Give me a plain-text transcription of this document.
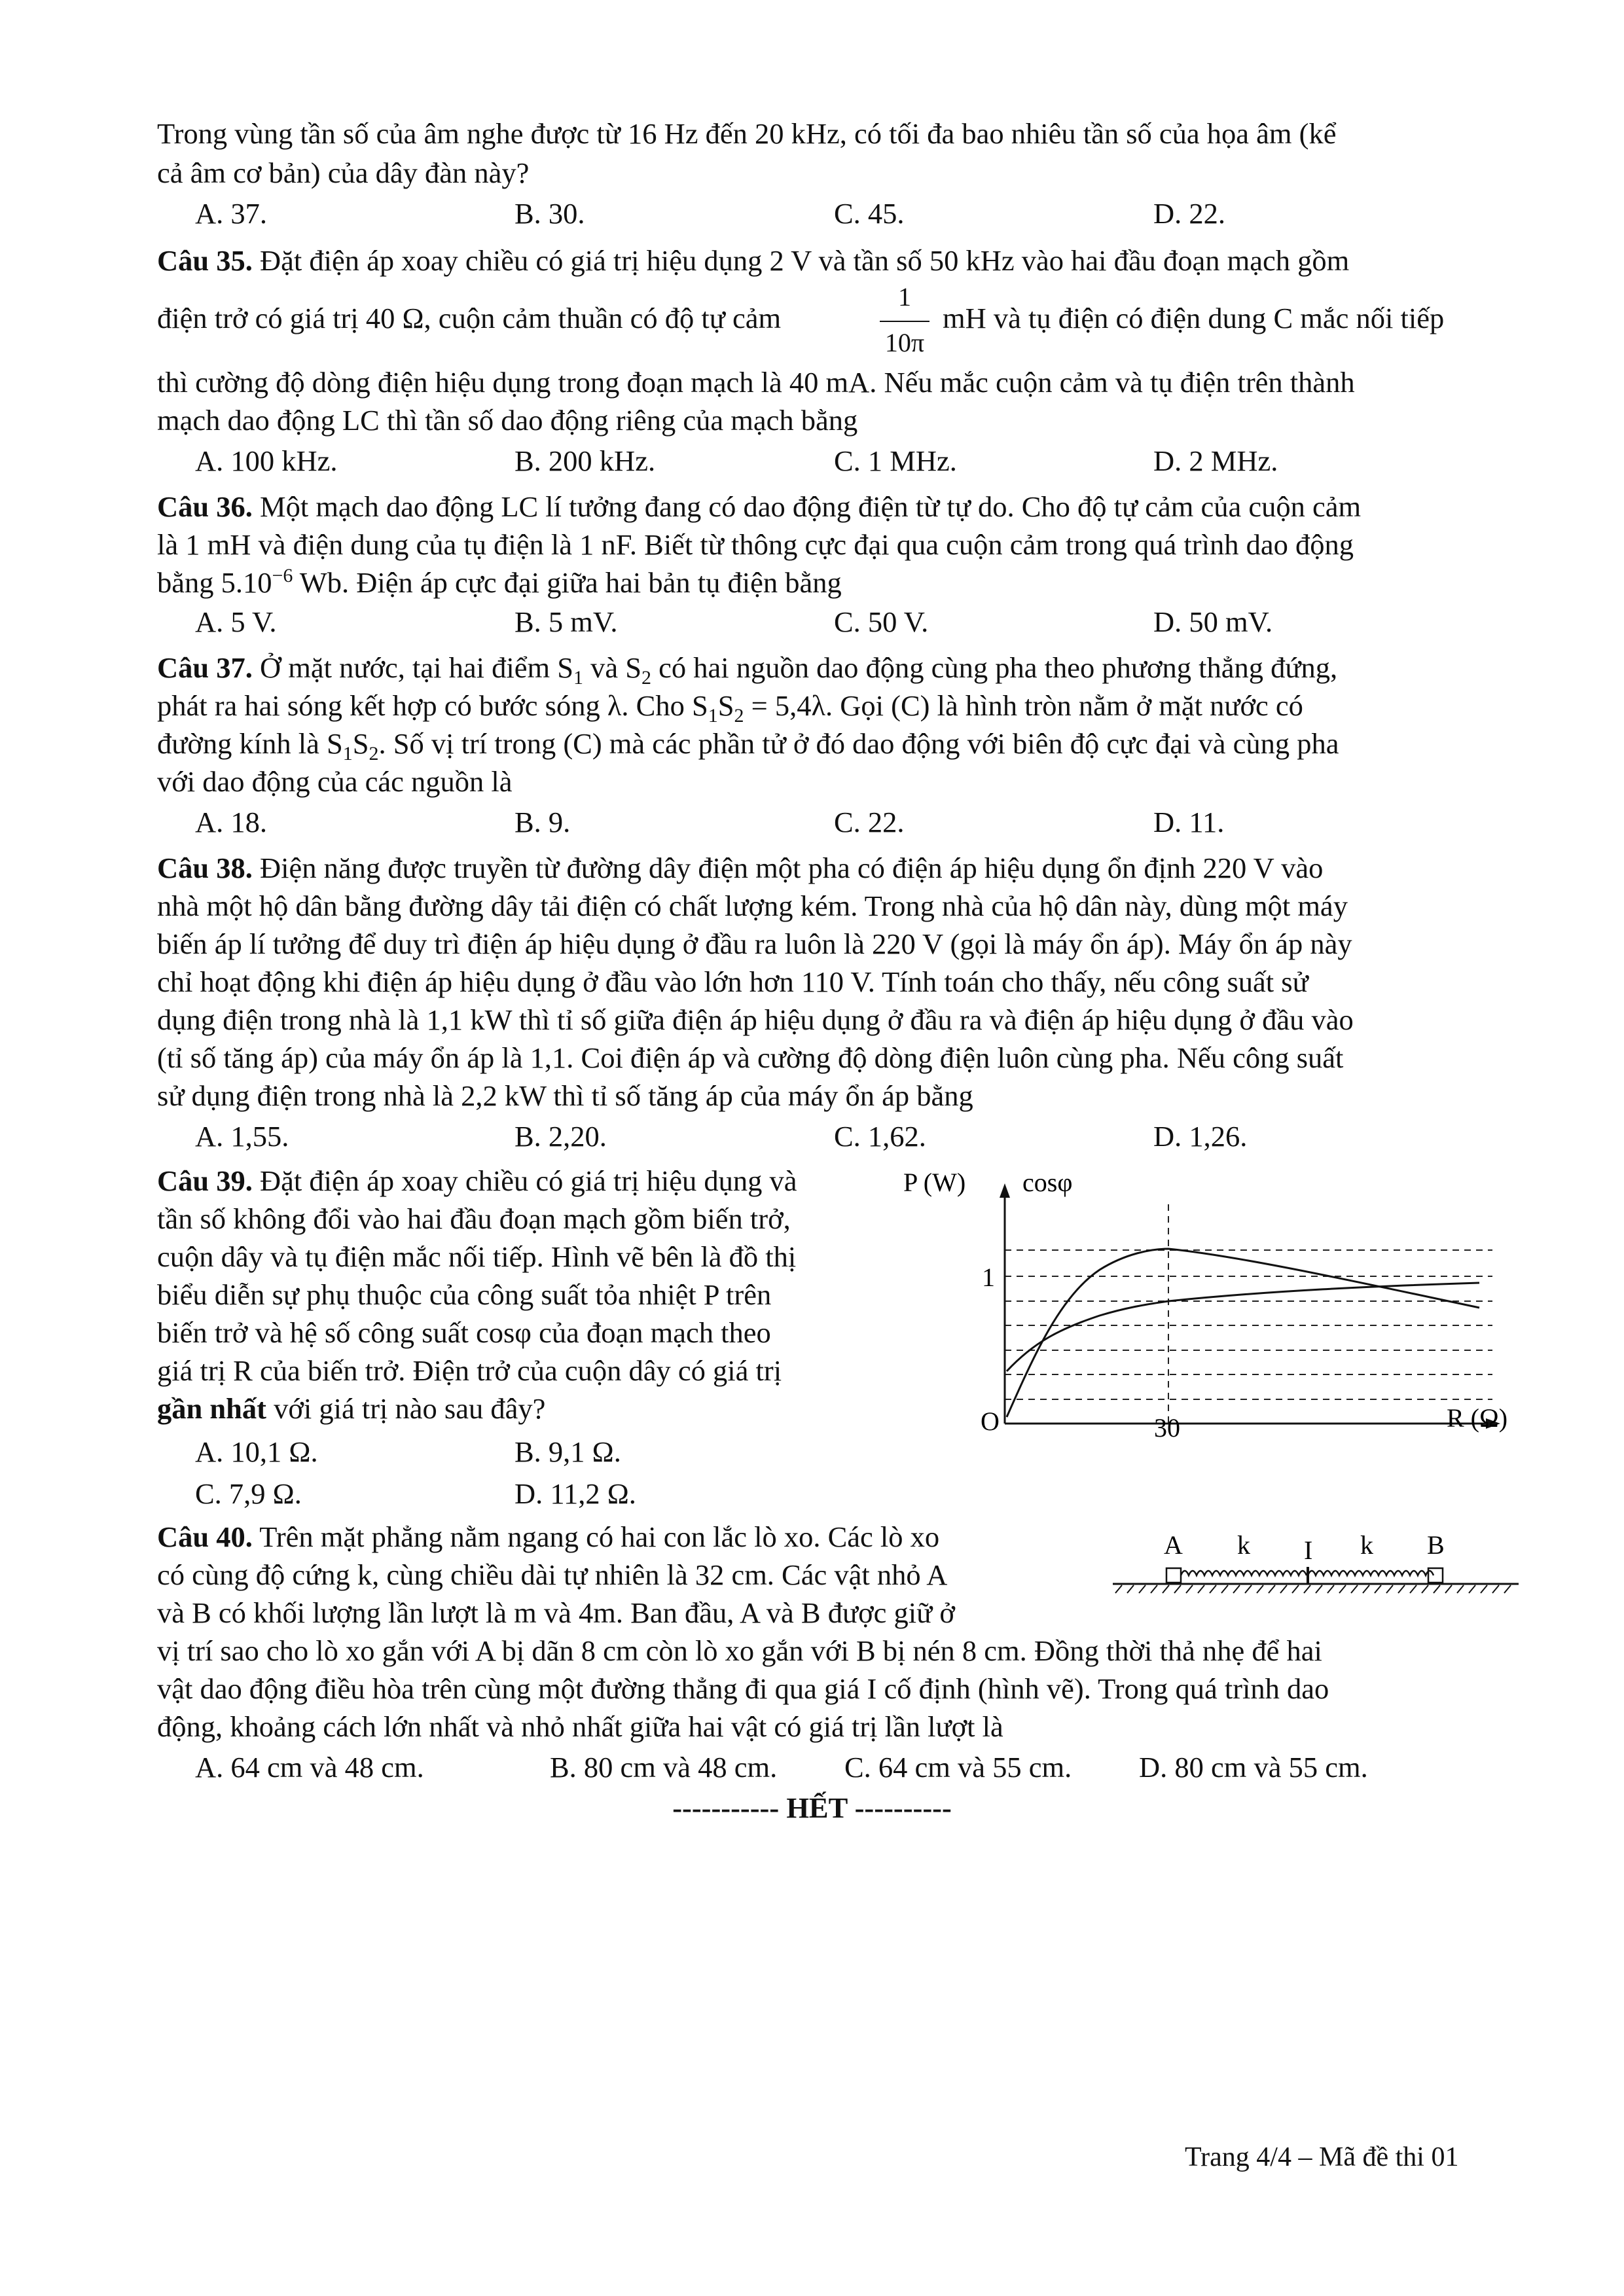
Trong vùng tần số của âm nghe được từ 16 Hz đến 20 kHz, có tối đa bao nhiêu tần số của họa âm (kể
cả âm cơ bản) của dây đàn này?
A. 37.	B. 30.	C. 45.	D. 22.
Câu 35. Đặt điện áp xoay chiều có giá trị hiệu dụng 2 V và tần số 50 kHz vào hai đầu đoạn mạch gồm
điện trở có giá trị 40 Ω, cuộn cảm thuần có độ tự cảm
1
10π
mH và tụ điện có điện dung C mắc nối tiếp
thì cường độ dòng điện hiệu dụng trong đoạn mạch là 40 mA. Nếu mắc cuộn cảm và tụ điện trên thành
mạch dao động LC thì tần số dao động riêng của mạch bằng
A. 100 kHz.	B. 200 kHz.	C. 1 MHz.	D. 2 MHz.
Câu 36. Một mạch dao động LC lí tưởng đang có dao động điện từ tự do. Cho độ tự cảm của cuộn cảm
là 1 mH và điện dung của tụ điện là 1 nF. Biết từ thông cực đại qua cuộn cảm trong quá trình dao động
bằng $5.10^{-6}$ Wb. Điện áp cực đại giữa hai bản tụ điện bằng
A. 5 V.	B. 5 mV.	C. 50 V.	D. 50 mV.
Câu 37. Ở mặt nước, tại hai điểm $S_1$ và $S_2$ có hai nguồn dao động cùng pha theo phương thẳng đứng,
phát ra hai sóng kết hợp có bước sóng λ. Cho $S_1S_2 = 5,4\lambda$. Gọi (C) là hình tròn nằm ở mặt nước có
đường kính là $S_1S_2$. Số vị trí trong (C) mà các phần tử ở đó dao động với biên độ cực đại và cùng pha
với dao động của các nguồn là
A. 18.	B. 9.	C. 22.	D. 11.
Câu 38. Điện năng được truyền từ đường dây điện một pha có điện áp hiệu dụng ổn định 220 V vào
nhà một hộ dân bằng đường dây tải điện có chất lượng kém. Trong nhà của hộ dân này, dùng một máy
biến áp lí tưởng để duy trì điện áp hiệu dụng ở đầu ra luôn là 220 V (gọi là máy ổn áp). Máy ổn áp này
chỉ hoạt động khi điện áp hiệu dụng ở đầu vào lớn hơn 110 V. Tính toán cho thấy, nếu công suất sử
dụng điện trong nhà là 1,1 kW thì tỉ số giữa điện áp hiệu dụng ở đầu ra và điện áp hiệu dụng ở đầu vào
(tỉ số tăng áp) của máy ổn áp là 1,1. Coi điện áp và cường độ dòng điện luôn cùng pha. Nếu công suất
sử dụng điện trong nhà là 2,2 kW thì tỉ số tăng áp của máy ổn áp bằng
A. 1,55.	B. 2,20.	C. 1,62.	D. 1,26.
Câu 39. Đặt điện áp xoay chiều có giá trị hiệu dụng và
tần số không đổi vào hai đầu đoạn mạch gồm biến trở,
cuộn dây và tụ điện mắc nối tiếp. Hình vẽ bên là đồ thị
biểu diễn sự phụ thuộc của công suất tỏa nhiệt P trên
biến trở và hệ số công suất cosφ của đoạn mạch theo
giá trị R của biến trở. Điện trở của cuộn dây có giá trị
gần nhất với giá trị nào sau đây?
A. 10,1 Ω.	B. 9,1 Ω.
C. 7,9 Ω.	D. 11,2 Ω.
P (W) cosφ
1
O	30	R (Ω)
Câu 40. Trên mặt phẳng nằm ngang có hai con lắc lò xo. Các lò xo
có cùng độ cứng k, cùng chiều dài tự nhiên là 32 cm. Các vật nhỏ A
và B có khối lượng lần lượt là m và 4m. Ban đầu, A và B được giữ ở
vị trí sao cho lò xo gắn với A bị dãn 8 cm còn lò xo gắn với B bị nén 8 cm. Đồng thời thả nhẹ để hai
vật dao động điều hòa trên cùng một đường thẳng đi qua giá I cố định (hình vẽ). Trong quá trình dao
động, khoảng cách lớn nhất và nhỏ nhất giữa hai vật có giá trị lần lượt là
A k I k B
A. 64 cm và 48 cm.	B. 80 cm và 48 cm. C. 64 cm và 55 cm. D. 80 cm và 55 cm.
----------- HẾT ----------
Trang 4/4 – Mã đề thi 01
